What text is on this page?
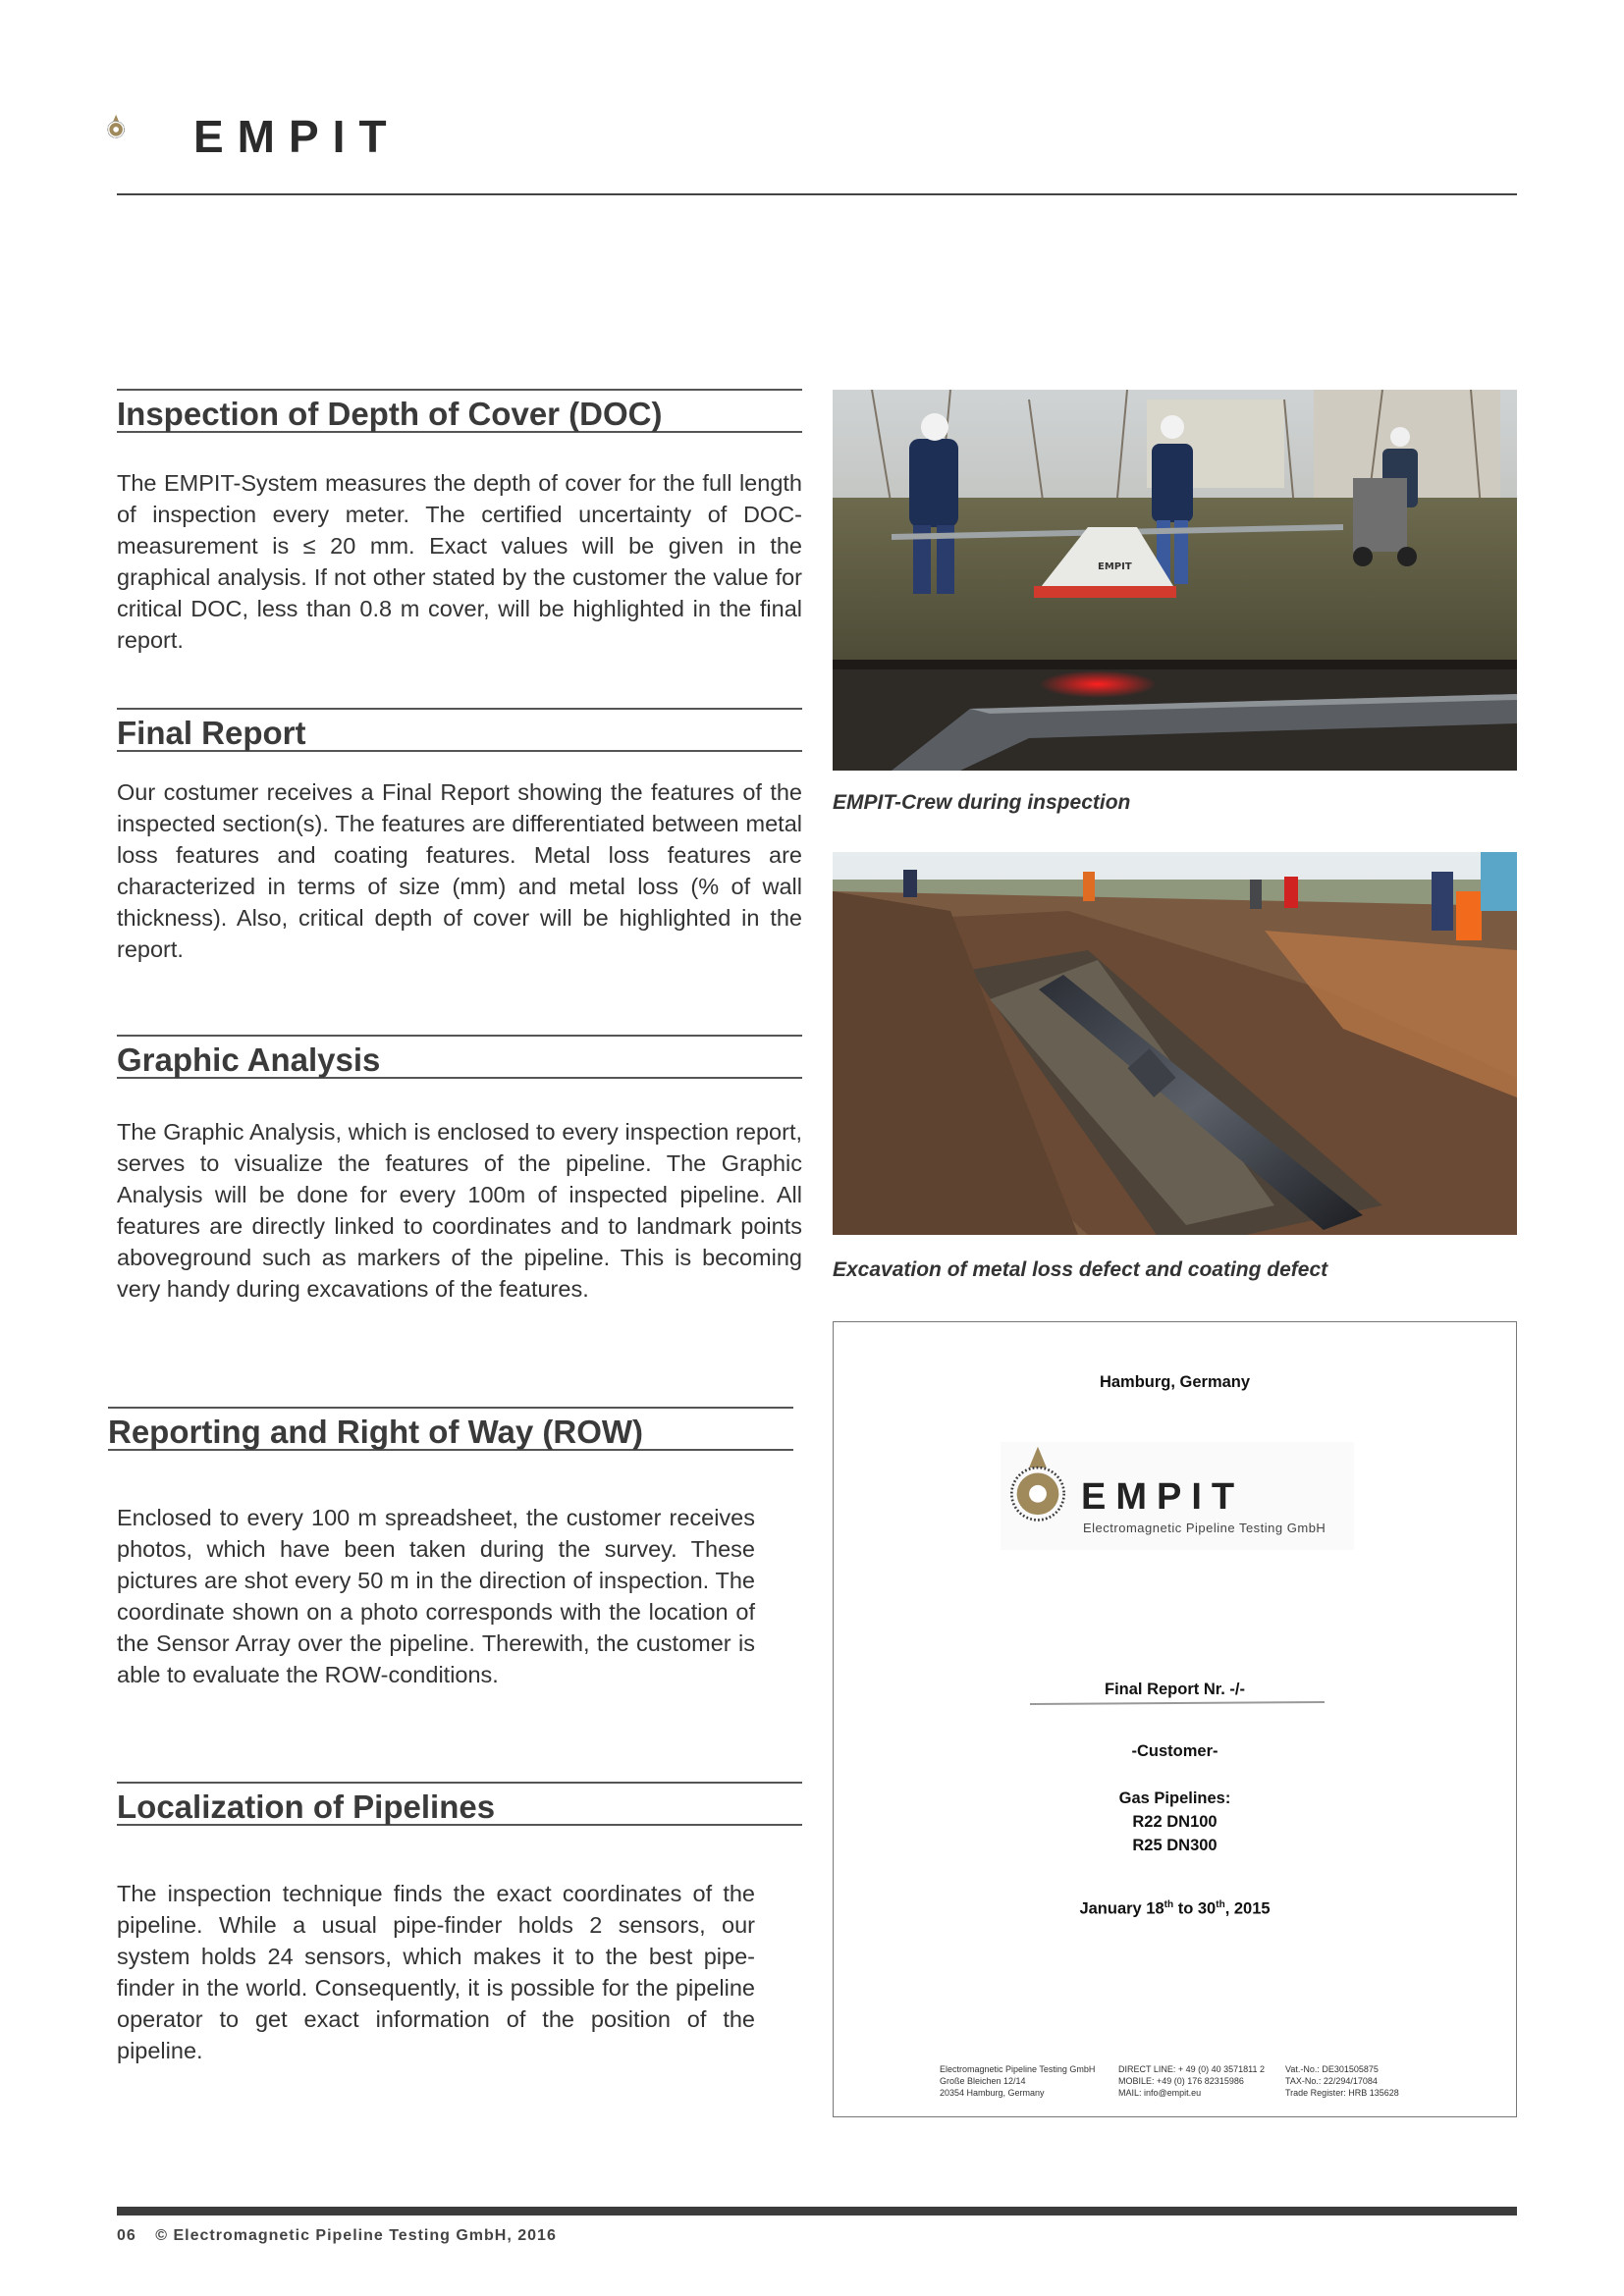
EMPIT
Inspection of Depth of Cover (DOC)
The EMPIT-System measures the depth of cover for the full length of inspection every meter. The certified uncertainty of DOC-measurement is ≤ 20 mm. Exact values will be given in the graphical analysis. If not other stated by the customer the value for critical DOC, less than 0.8 m cover, will be highlighted in the final report.
Final Report
Our costumer receives a Final Report showing the features of the inspected section(s). The features are differentiated between metal loss features and coating features. Metal loss features are characterized in terms of size (mm) and metal loss (% of wall thickness). Also, critical depth of cover will be highlighted in the report.
Graphic Analysis
The Graphic Analysis, which is enclosed to every inspection report, serves to visualize the features of the pipeline. The Graphic Analysis will be done for every 100m of inspected pipeline. All features are directly linked to coordinates and to landmark points aboveground such as markers of the pipeline. This is becoming very handy during excavations of the features.
Reporting and Right of Way (ROW)
Enclosed to every 100 m spreadsheet, the customer receives photos, which have been taken during the survey. These pictures are shot every 50 m in the direction of inspection. The coordinate shown on a photo corresponds with the location of the Sensor Array over the pipeline. Therewith, the customer is able to evaluate the ROW-conditions.
Localization of Pipelines
The inspection technique finds the exact coordinates of the pipeline. While a usual pipe-finder holds 2 sensors, our system holds 24 sensors, which makes it to the best pipe-finder in the world. Consequently, it is possible for the pipeline operator to get exact information of the position of the pipeline.
EMPIT
EMPIT-Crew during inspection
Excavation of metal loss defect and coating defect
Hamburg, Germany
EMPIT
Electromagnetic Pipeline Testing GmbH
Final Report Nr. -/-
-Customer-
Gas Pipelines:
R22 DN100
R25 DN300
January 18th to 30th, 2015
Electromagnetic Pipeline Testing GmbH
Große Bleichen 12/14
20354 Hamburg, Germany
DIRECT LINE: + 49 (0) 40 3571811 2
MOBILE: +49 (0) 176 82315986
MAIL: info@empit.eu
Vat.-No.: DE301505875
TAX-No.: 22/294/17084
Trade Register: HRB 135628
06 © Electromagnetic Pipeline Testing GmbH, 2016
